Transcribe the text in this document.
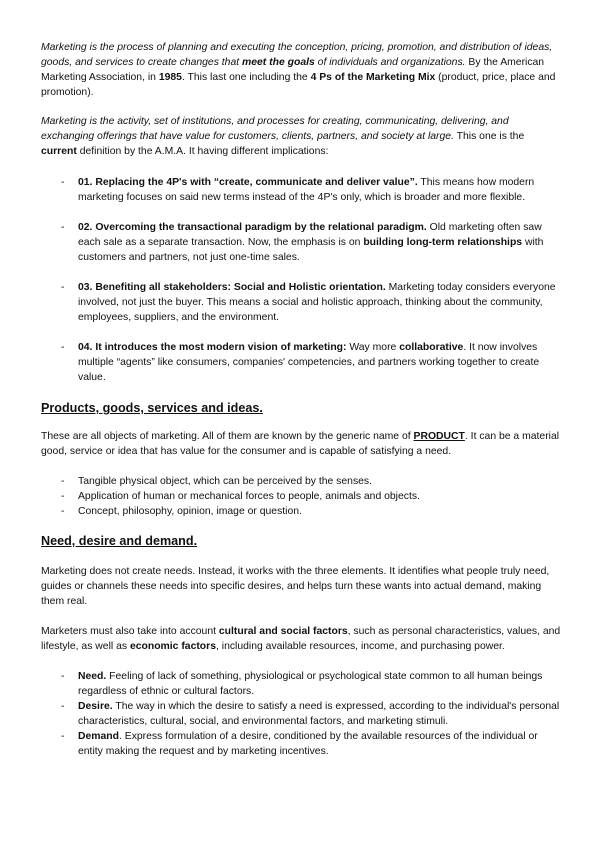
Marketing is the process of planning and executing the conception, pricing, promotion, and distribution of ideas, goods, and services to create changes that meet the goals of individuals and organizations. By the American Marketing Association, in 1985. This last one including the 4 Ps of the Marketing Mix (product, price, place and promotion).

Marketing is the activity, set of institutions, and processes for creating, communicating, delivering, and exchanging offerings that have value for customers, clients, partners, and society at large. This one is the current definition by the A.M.A. It having different implications:

- 01. Replacing the 4P's with “create, communicate and deliver value”. This means how modern marketing focuses on said new terms instead of the 4P's only, which is broader and more flexible.
- 02. Overcoming the transactional paradigm by the relational paradigm. Old marketing often saw each sale as a separate transaction. Now, the emphasis is on building long-term relationships with customers and partners, not just one-time sales.
- 03. Benefiting all stakeholders: Social and Holistic orientation. Marketing today considers everyone involved, not just the buyer. This means a social and holistic approach, thinking about the community, employees, suppliers, and the environment.
- 04. It introduces the most modern vision of marketing: Way more collaborative. It now involves multiple “agents” like consumers, companies' competencies, and partners working together to create value.
Products, goods, services and ideas.

These are all objects of marketing. All of them are known by the generic name of PRODUCT. It can be a material good, service or idea that has value for the consumer and is capable of satisfying a need.

- Tangible physical object, which can be perceived by the senses.
- Application of human or mechanical forces to people, animals and objects.
- Concept, philosophy, opinion, image or question.
Need, desire and demand.

Marketing does not create needs. Instead, it works with the three elements. It identifies what people truly need, guides or channels these needs into specific desires, and helps turn these wants into actual demand, making them real.

Marketers must also take into account cultural and social factors, such as personal characteristics, values, and lifestyle, as well as economic factors, including available resources, income, and purchasing power.

- Need. Feeling of lack of something, physiological or psychological state common to all human beings regardless of ethnic or cultural factors.
- Desire. The way in which the desire to satisfy a need is expressed, according to the individual's personal characteristics, cultural, social, and environmental factors, and marketing stimuli.
- Demand. Express formulation of a desire, conditioned by the available resources of the individual or entity making the request and by marketing incentives.
